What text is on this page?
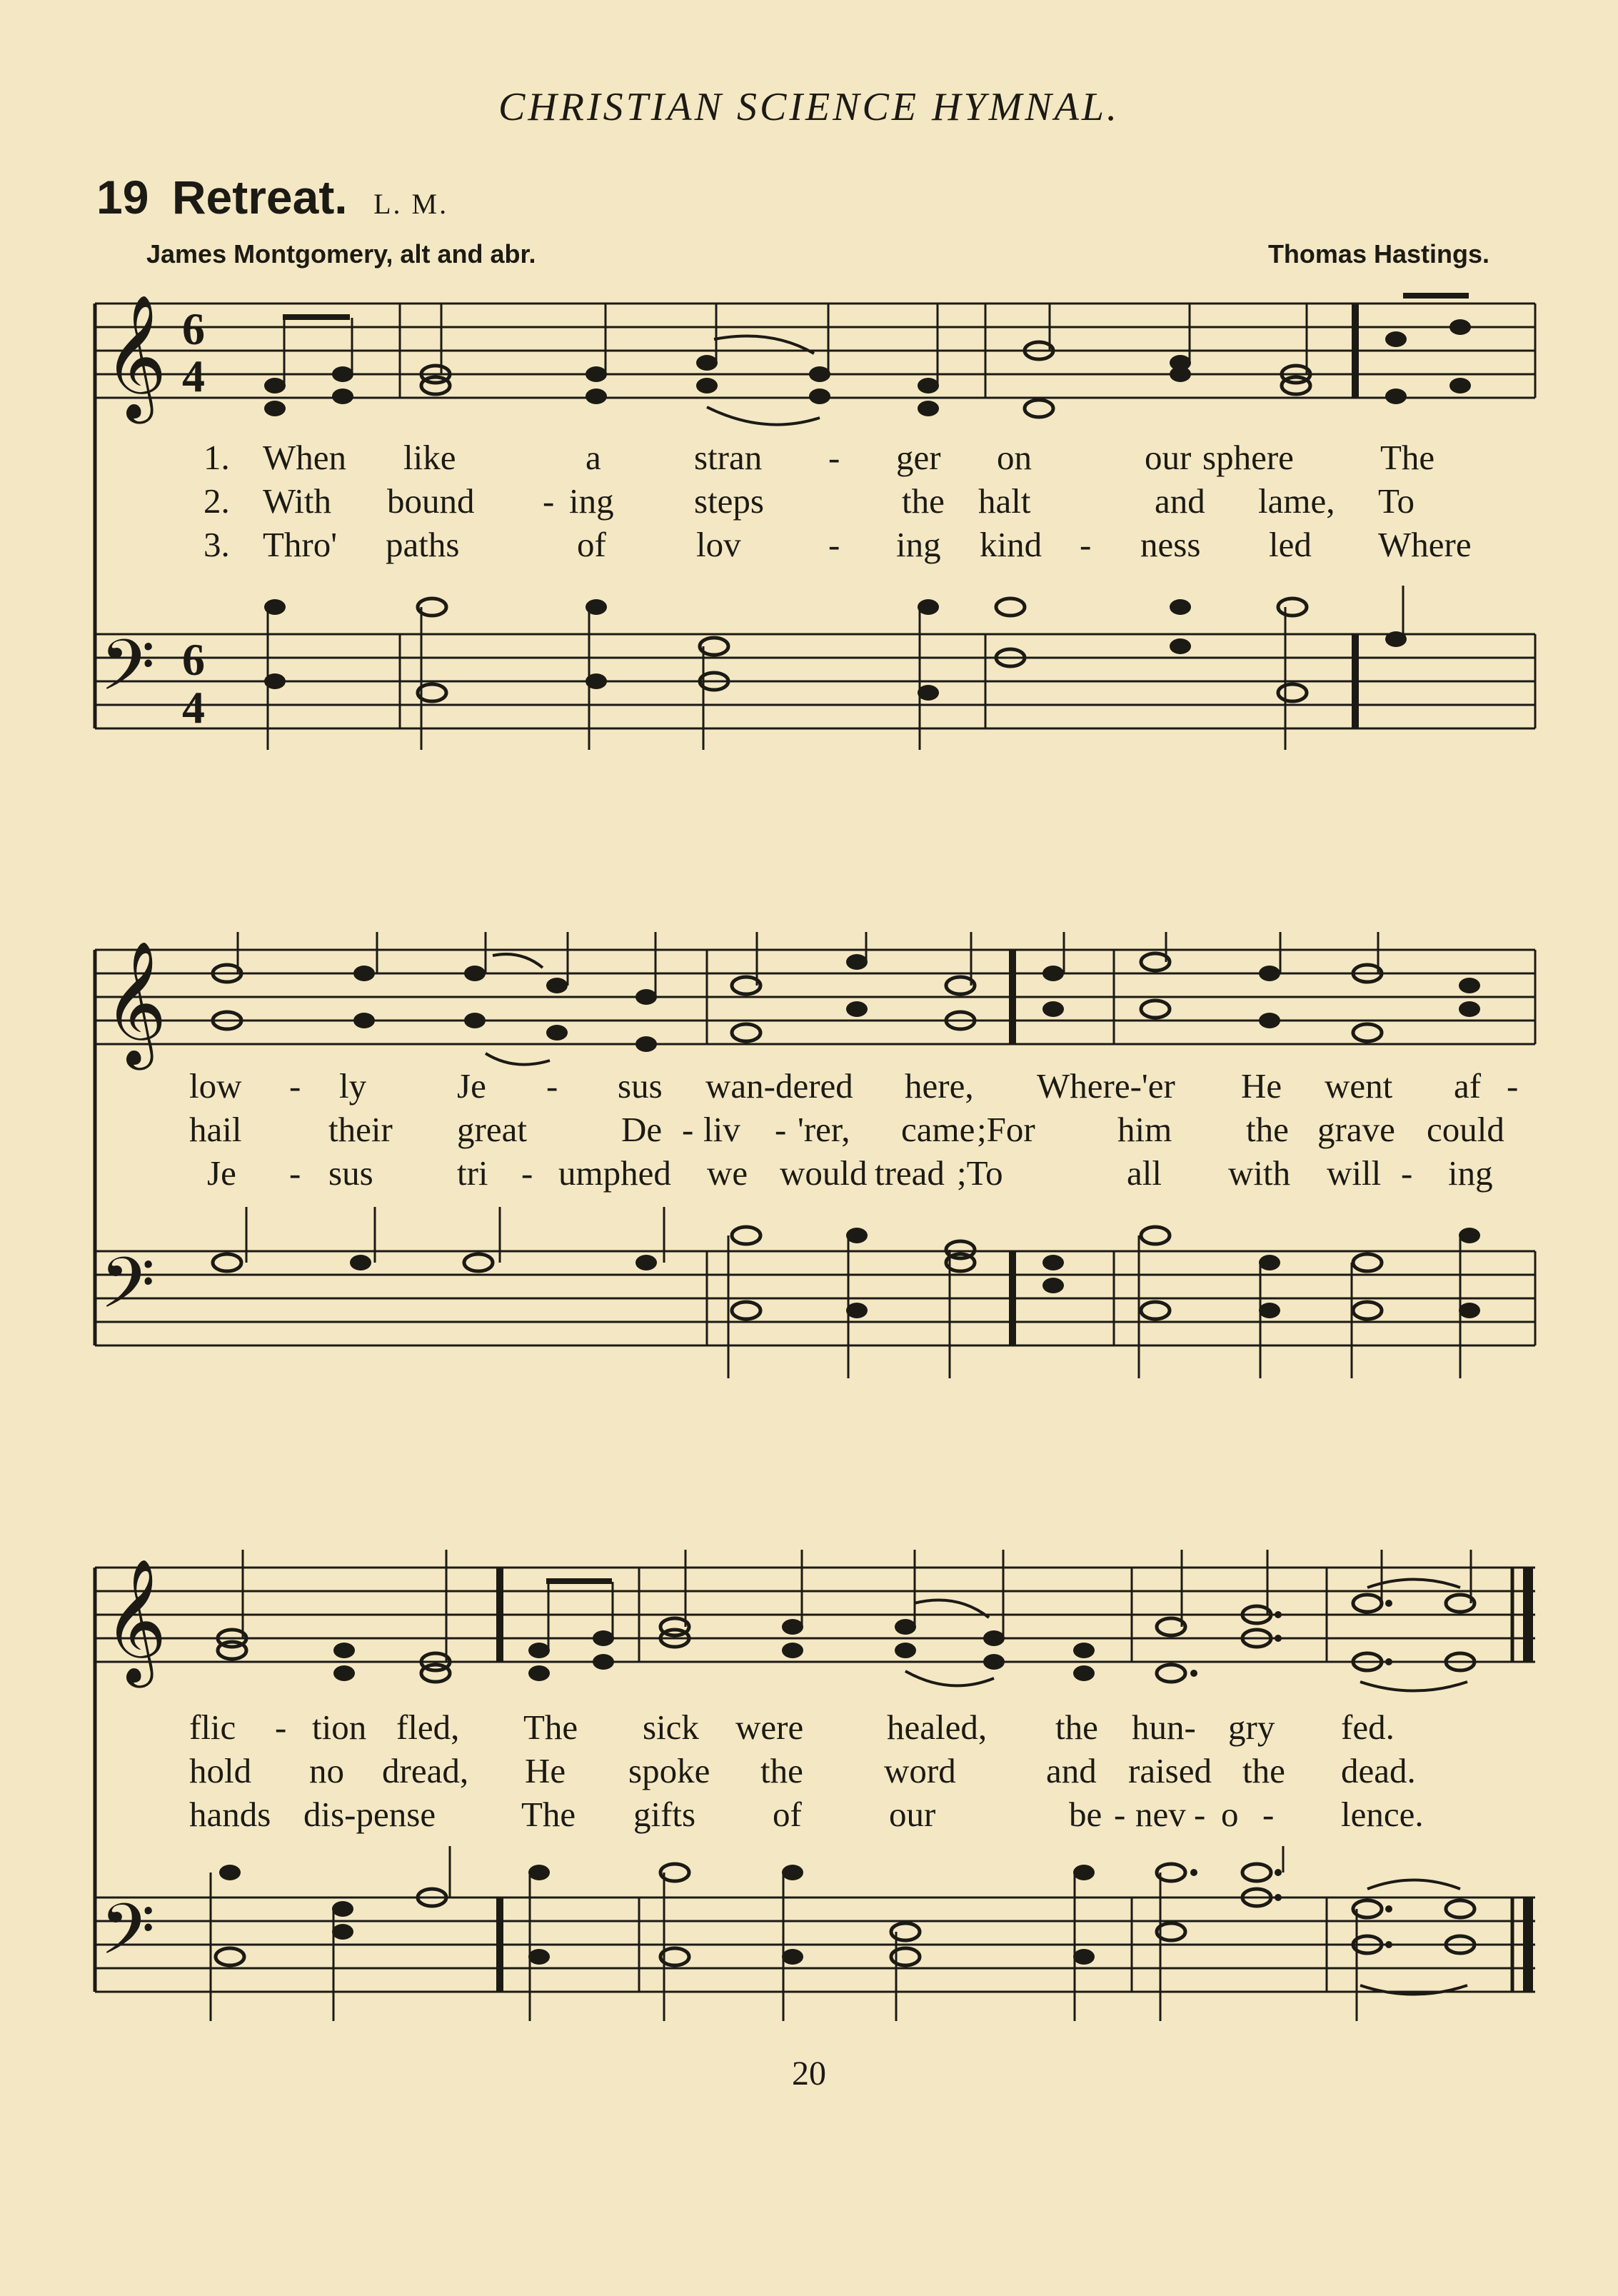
CHRISTIAN SCIENCE HYMNAL.
19 Retreat. L. M.
James Montgomery, alt and abr.	Thomas Hastings.
𝄞 6
4
𝄢 6
4
1. When like	a	stran - ger on	our sphere The
2. With bound - ing steps	the halt	and lame, To
3. Thro' paths	of	lov - ing kind - ness led Where
𝄞
𝄢
low - ly	Je - sus wan-dered here, Where-'er He went af -
hail their great	De - liv - 'rer, came ;For him the grave could
Je - sus tri - umphed we would tread ;To	all with will - ing
𝄞
𝄢
flic - tion fled, The sick were healed, the hun- gry fed.
hold no dread, He spoke the word	and raised the dead.
hands dis-pense The gifts of our	be - nev - o - lence.
20
